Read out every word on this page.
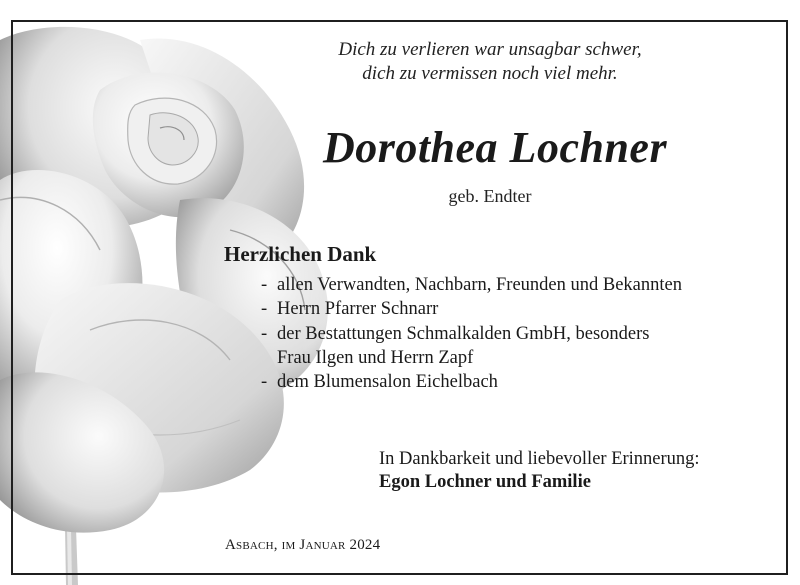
Dich zu verlieren war unsagbar schwer,
dich zu vermissen noch viel mehr.
Dorothea Lochner
geb. Endter
Herzlichen Dank
- allen Verwandten, Nachbarn, Freunden und Bekannten
- Herrn Pfarrer Schnarr
- der Bestattungen Schmalkalden GmbH, besonders
Frau Ilgen und Herrn Zapf
- dem Blumensalon Eichelbach
In Dankbarkeit und liebevoller Erinnerung:
Egon Lochner und Familie
Asbach, im Januar 2024
